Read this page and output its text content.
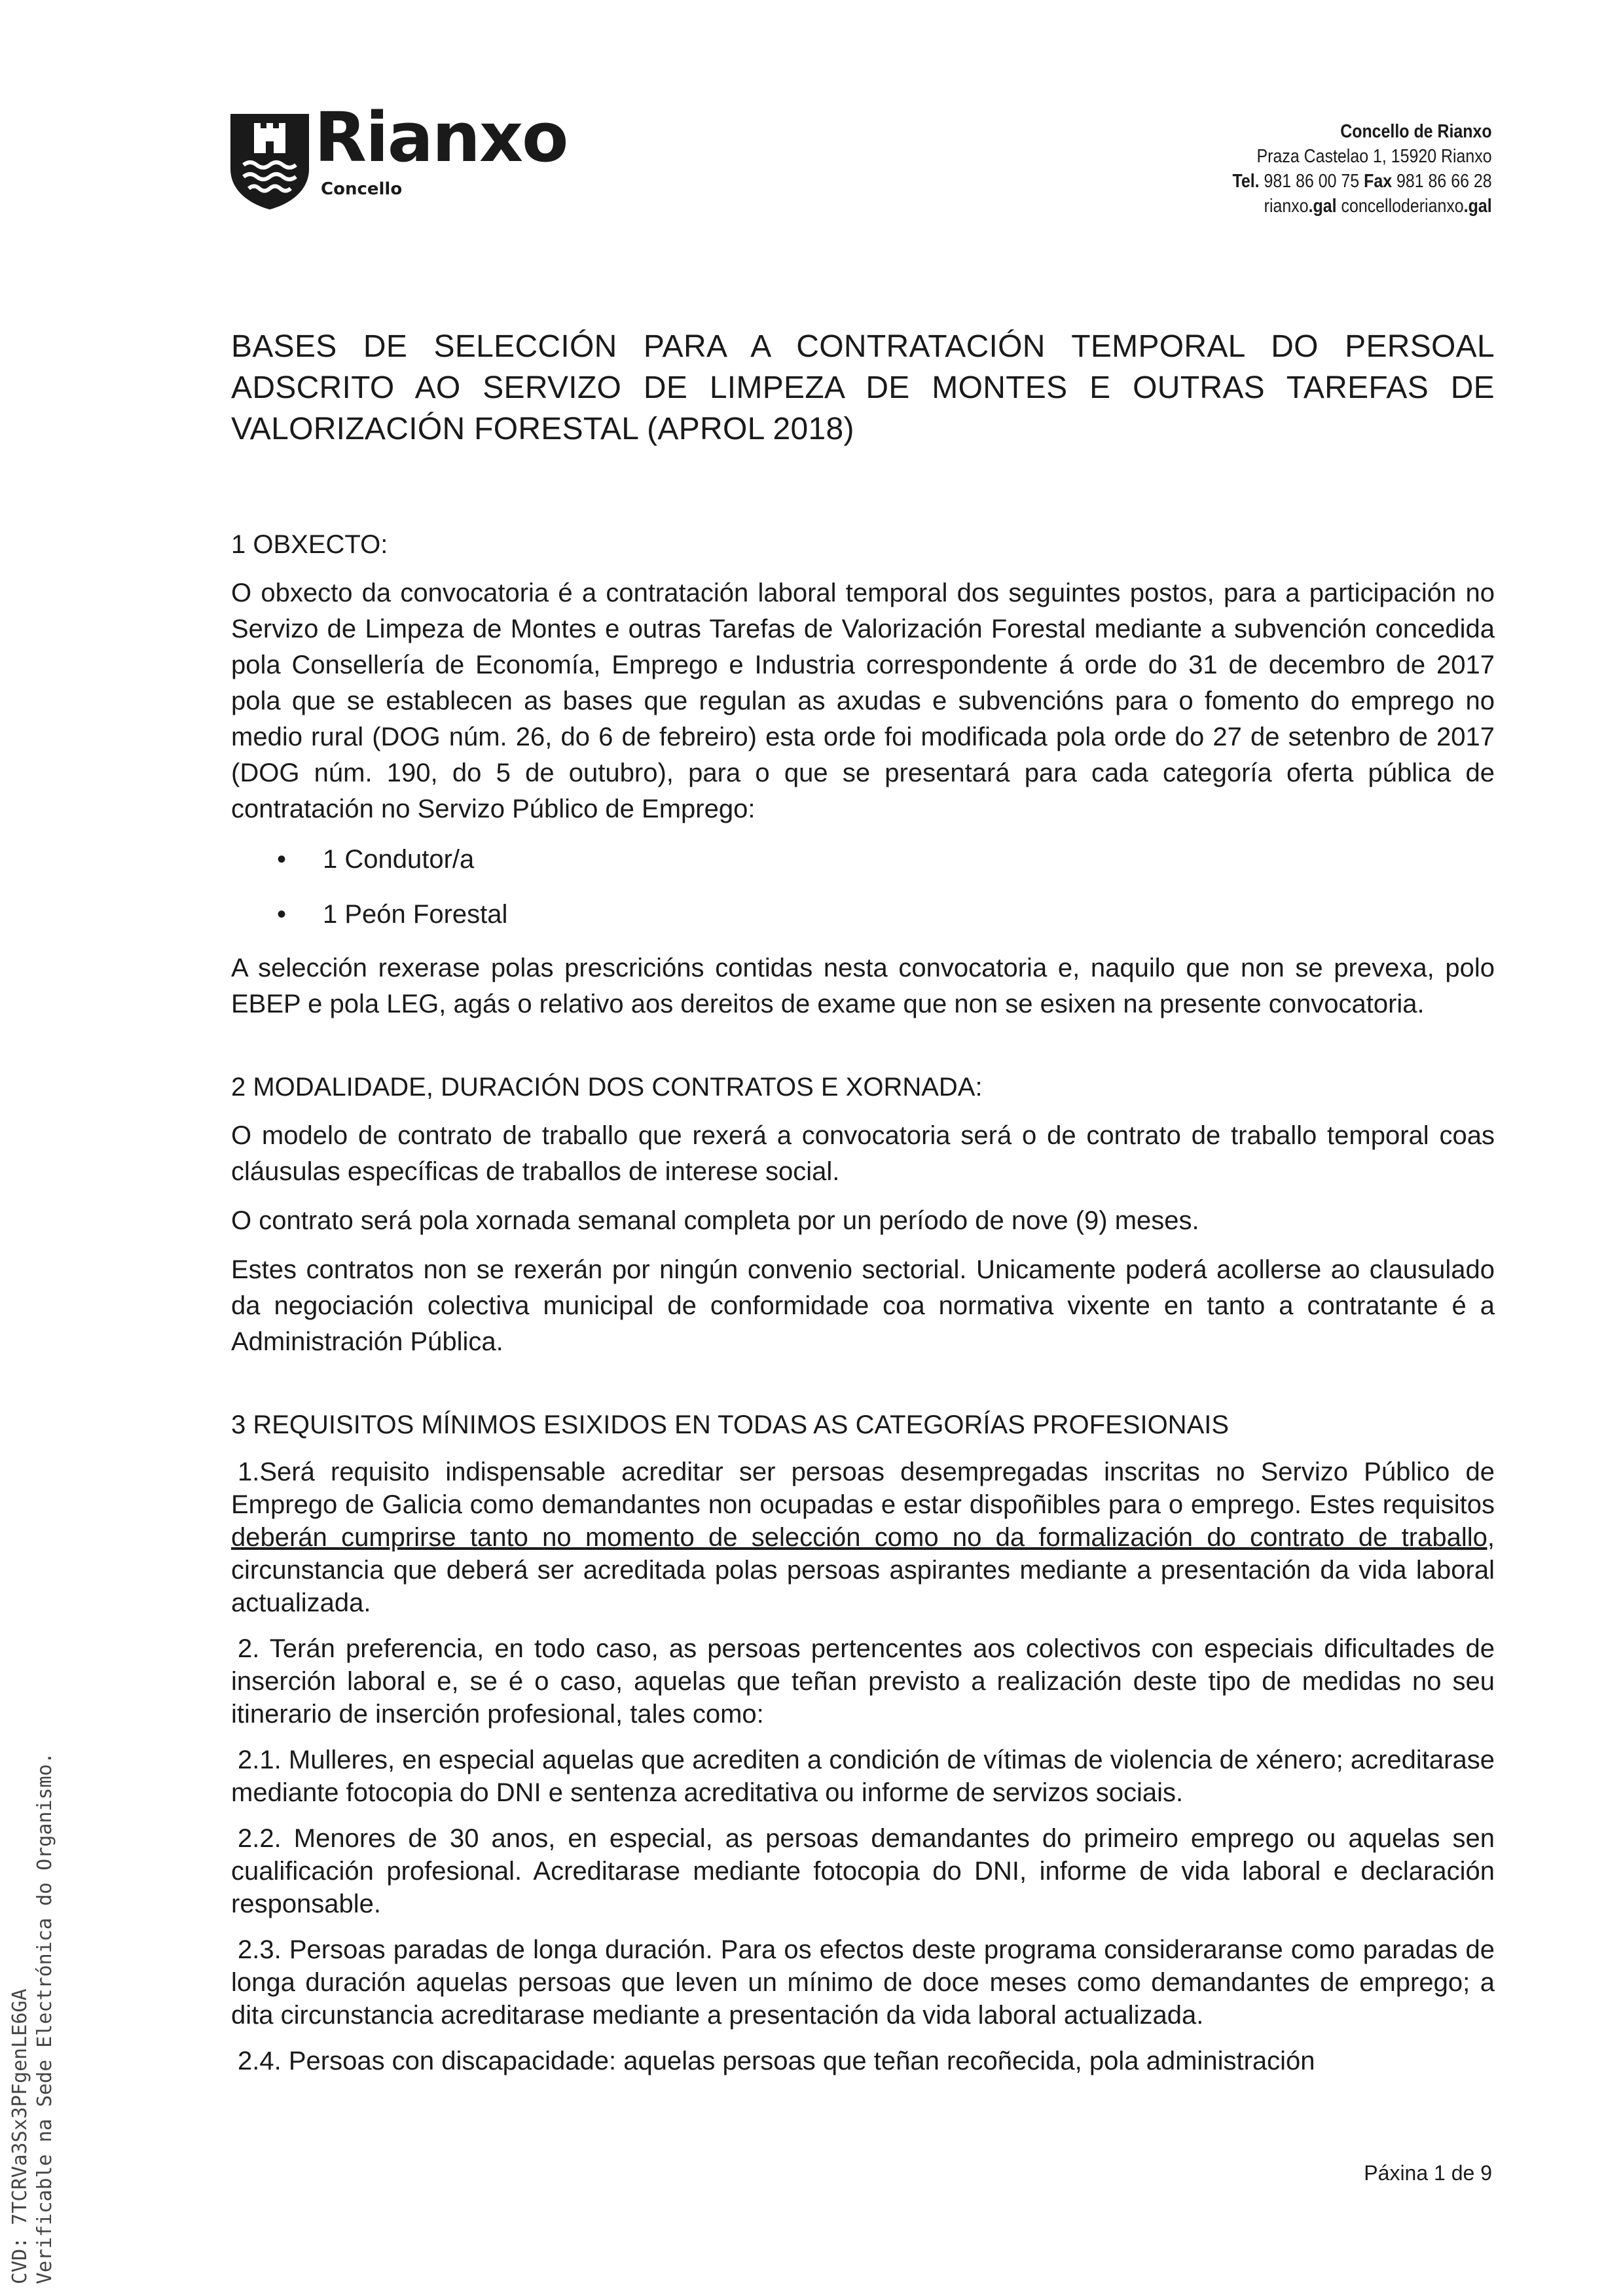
Rianxo
Concello
Concello de Rianxo
Praza Castelao 1, 15920 Rianxo
Tel. 981 86 00 75 Fax 981 86 66 28
rianxo.gal concelloderianxo.gal
BASES DE SELECCIÓN PARA A CONTRATACIÓN TEMPORAL DO PERSOAL ADSCRITO AO SERVIZO DE LIMPEZA DE MONTES E OUTRAS TAREFAS DE VALORIZACIÓN FORESTAL (APROL 2018)
1 OBXECTO:

O obxecto da convocatoria é a contratación laboral temporal dos seguintes postos, para a participación no Servizo de Limpeza de Montes e outras Tarefas de Valorización Forestal mediante a subvención concedida pola Consellería de Economía, Emprego e Industria correspondente á orde do 31 de decembro de 2017 pola que se establecen as bases que regulan as axudas e subvencións para o fomento do emprego no medio rural (DOG núm. 26, do 6 de febreiro) esta orde foi modificada pola orde do 27 de setenbro de 2017 (DOG núm. 190, do 5 de outubro), para o que se presentará para cada categoría oferta pública de contratación no Servizo Público de Emprego:

• 1 Condutor/a
• 1 Peón Forestal

A selección rexerase polas prescricións contidas nesta convocatoria e, naquilo que non se prevexa, polo EBEP e pola LEG, agás o relativo aos dereitos de exame que non se esixen na presente convocatoria.

2 MODALIDADE, DURACIÓN DOS CONTRATOS E XORNADA:

O modelo de contrato de traballo que rexerá a convocatoria será o de contrato de traballo temporal coas cláusulas específicas de traballos de interese social.

O contrato será pola xornada semanal completa por un período de nove (9) meses.

Estes contratos non se rexerán por ningún convenio sectorial. Unicamente poderá acollerse ao clausulado da negociación colectiva municipal de conformidade coa normativa vixente en tanto a contratante é a Administración Pública.

3 REQUISITOS MÍNIMOS ESIXIDOS EN TODAS AS CATEGORÍAS PROFESIONAIS

1.Será requisito indispensable acreditar ser persoas desempregadas inscritas no Servizo Público de Emprego de Galicia como demandantes non ocupadas e estar dispoñibles para o emprego. Estes requisitos deberán cumprirse tanto no momento de selección como no da formalización do contrato de traballo, circunstancia que deberá ser acreditada polas persoas aspirantes mediante a presentación da vida laboral actualizada.

2. Terán preferencia, en todo caso, as persoas pertencentes aos colectivos con especiais dificultades de inserción laboral e, se é o caso, aquelas que teñan previsto a realización deste tipo de medidas no seu itinerario de inserción profesional, tales como:

2.1. Mulleres, en especial aquelas que acrediten a condición de vítimas de violencia de xénero; acreditarase mediante fotocopia do DNI e sentenza acreditativa ou informe de servizos sociais.

2.2. Menores de 30 anos, en especial, as persoas demandantes do primeiro emprego ou aquelas sen cualificación profesional. Acreditarase mediante fotocopia do DNI, informe de vida laboral e declaración responsable.

2.3. Persoas paradas de longa duración. Para os efectos deste programa consideraranse como paradas de longa duración aquelas persoas que leven un mínimo de doce meses como demandantes de emprego; a dita circunstancia acreditarase mediante a presentación da vida laboral actualizada.

2.4. Persoas con discapacidade: aquelas persoas que teñan recoñecida, pola administración

CVD: 7TCRVa3Sx3PFgenLE6GA Verificable na Sede Electrónica do Organismo.	Páxina 1 de 9
